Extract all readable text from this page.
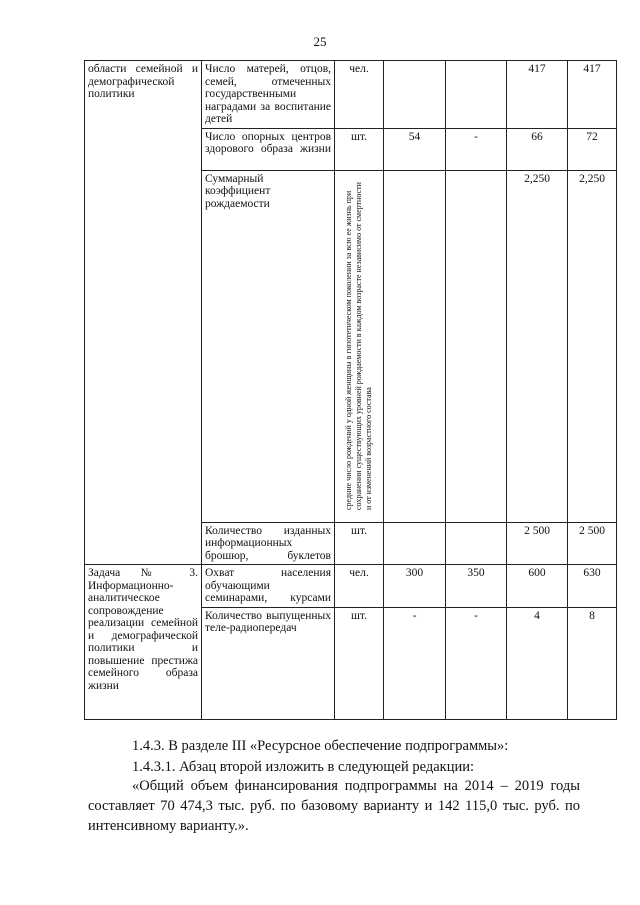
25
области семейной и демографической политики	Число матерей, отцов, семей, отмеченных государственными наградами за воспитание детей	чел.			417	417
	Число опорных центров здорового образа жизни	шт.	54	-	66	72
	Суммарный коэффициент рождаемости	средние число рождений у одной женщины в гипотетическом поколении за всю ее жизнь при сохранении существующих уровней рождаемости в каждом возрасте независимо от смертности и от изменений возрастного состава			2,250	2,250
	Количество изданных информационных брошюр, буклетов	шт.			2 500	2 500
Задача № 3. Информационно-аналитическое сопровождение реализации семейной и демографической политики и повышение престижа семейного образа жизни	Охват населения обучающими семинарами, курсами	чел.	300	350	600	630
	Количество выпущенных теле-радиопередач	шт.	-	-	4	8
1.4.3. В разделе III «Ресурсное обеспечение подпрограммы»:
1.4.3.1. Абзац второй изложить в следующей редакции:
«Общий объем финансирования подпрограммы на 2014 – 2019 годы составляет 70 474,3 тыс. руб. по базовому варианту и 142 115,0 тыс. руб. по интенсивному варианту.».
